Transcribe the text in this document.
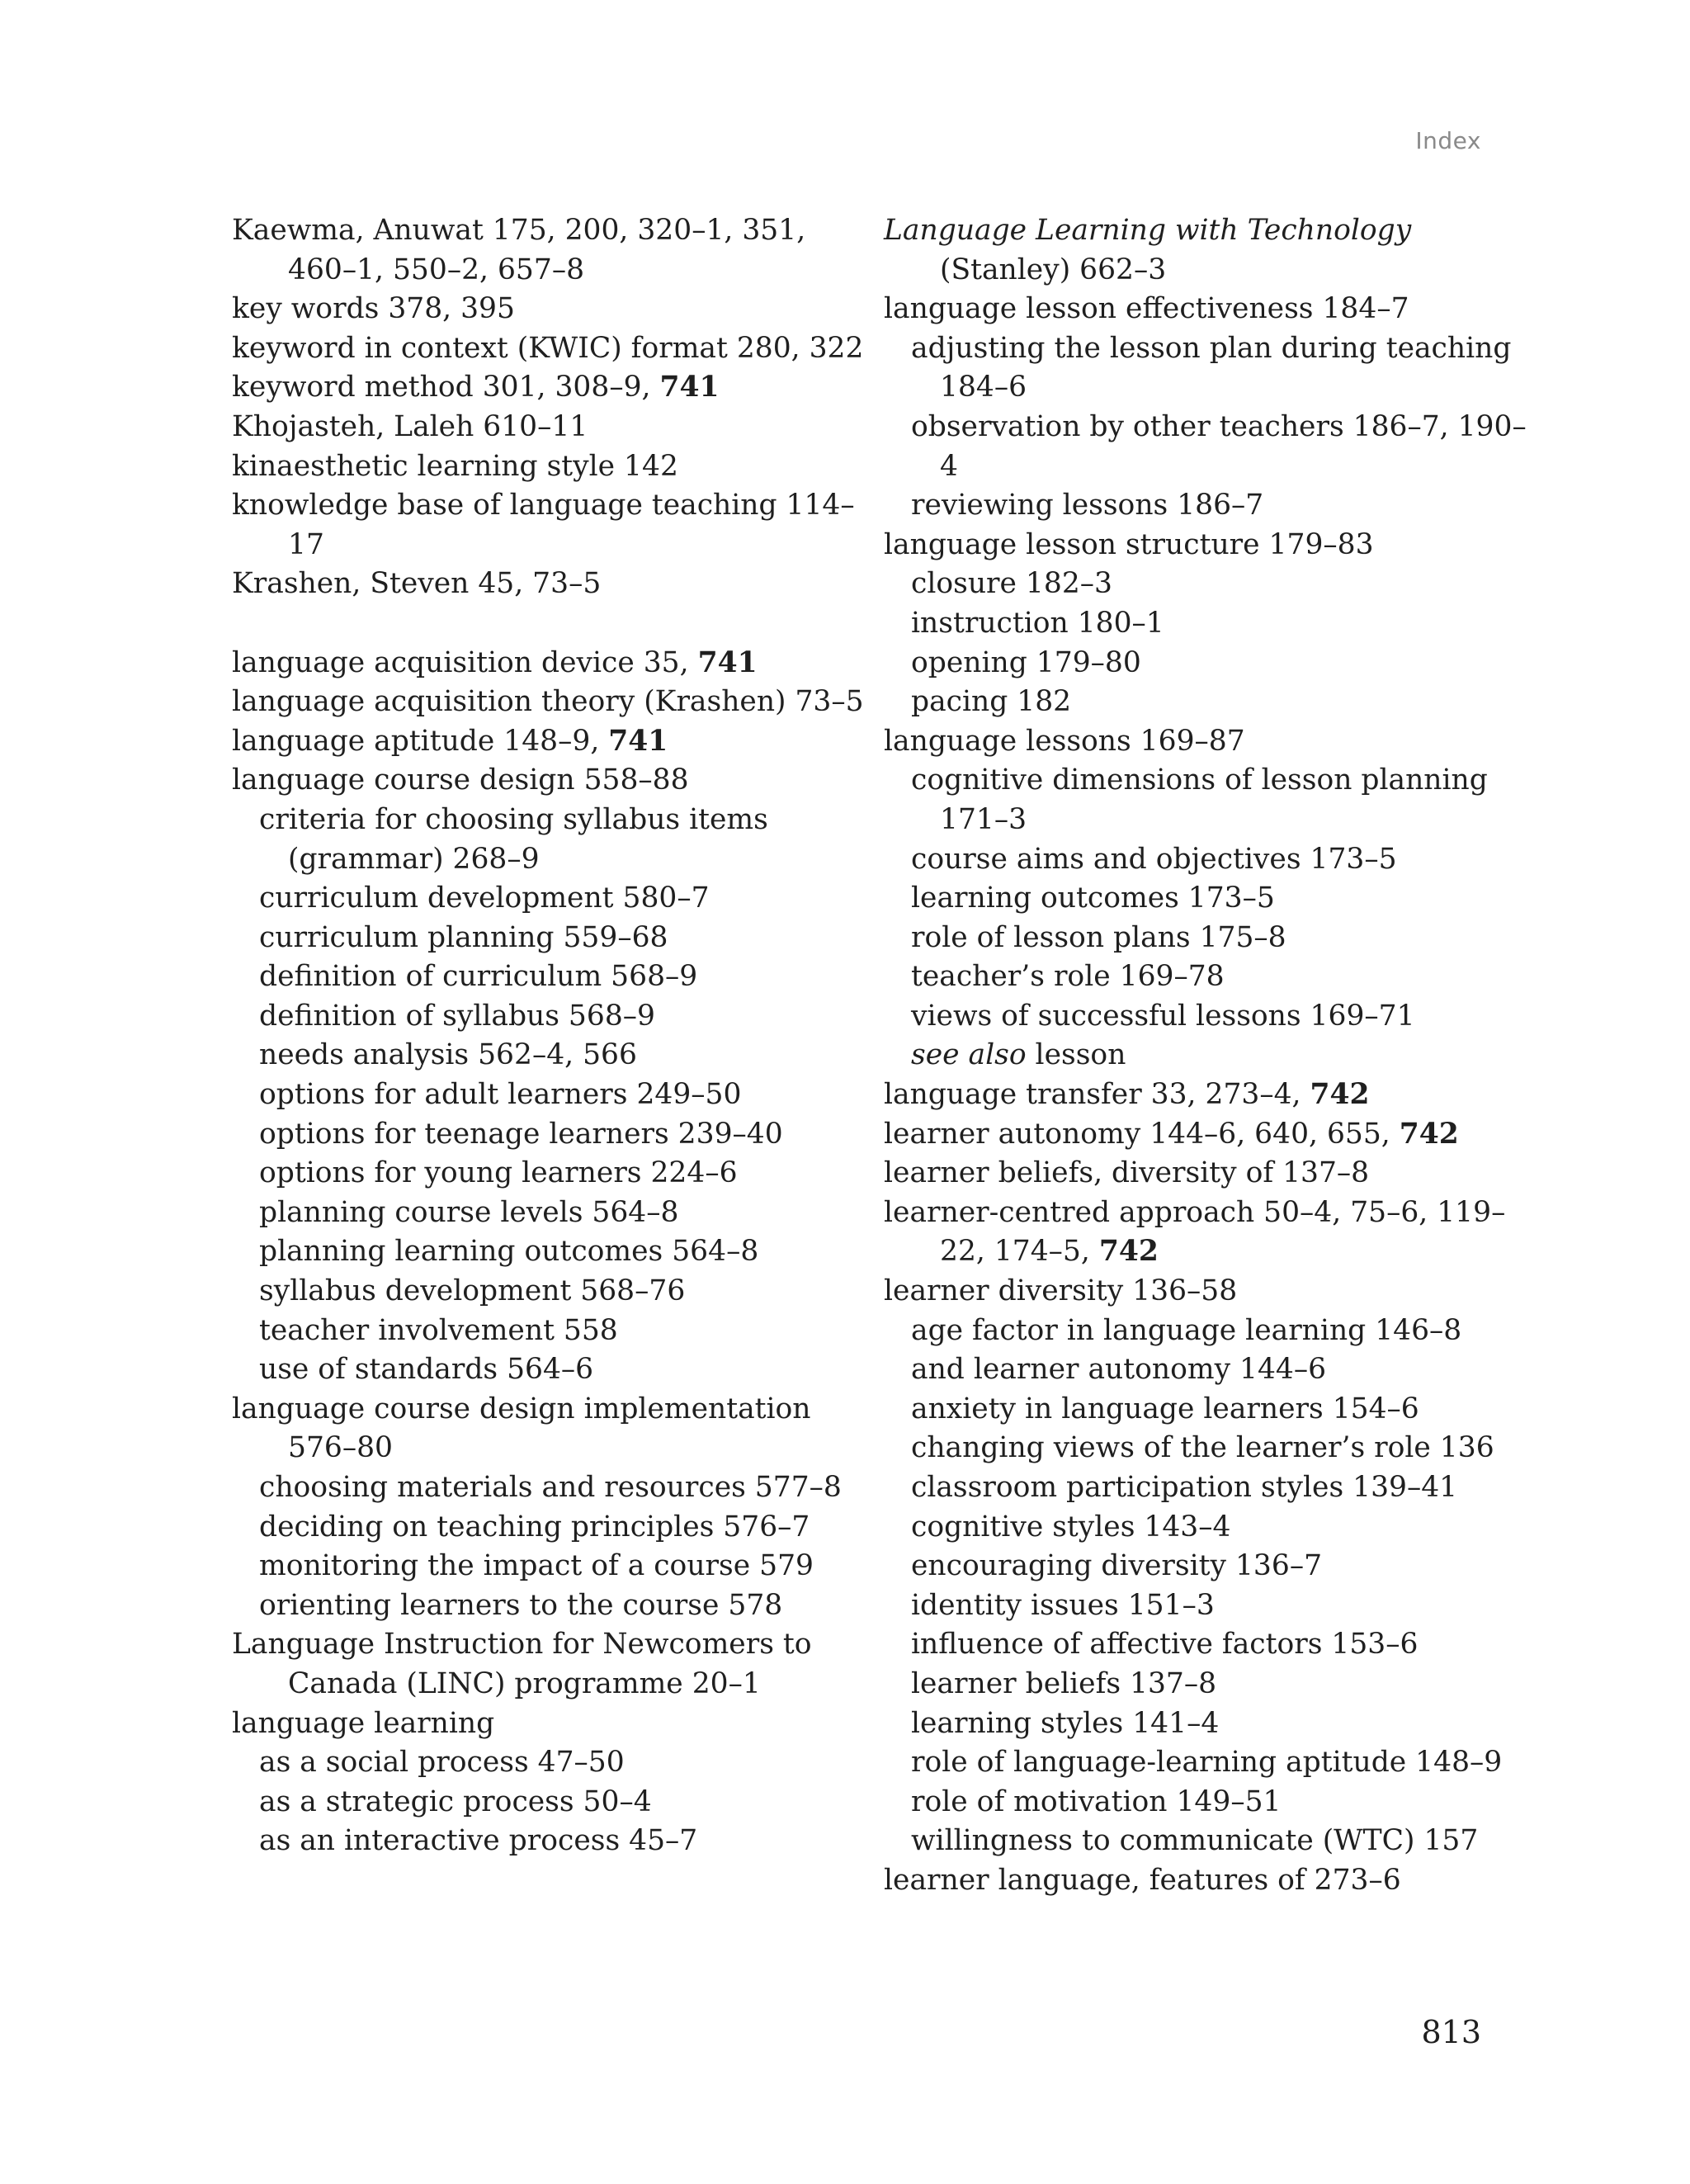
Index
Kaewma, Anuwat 175, 200, 320–1, 351, 460–1, 550–2, 657–8
key words 378, 395
keyword in context (KWIC) format 280, 322
keyword method 301, 308–9, 741
Khojasteh, Laleh 610–11
kinaesthetic learning style 142
knowledge base of language teaching 114–17
Krashen, Steven 45, 73–5
language acquisition device 35, 741
language acquisition theory (Krashen) 73–5
language aptitude 148–9, 741
language course design 558–88
criteria for choosing syllabus items (grammar) 268–9
curriculum development 580–7
curriculum planning 559–68
definition of curriculum 568–9
definition of syllabus 568–9
needs analysis 562–4, 566
options for adult learners 249–50
options for teenage learners 239–40
options for young learners 224–6
planning course levels 564–8
planning learning outcomes 564–8
syllabus development 568–76
teacher involvement 558
use of standards 564–6
language course design implementation 576–80
choosing materials and resources 577–8
deciding on teaching principles 576–7
monitoring the impact of a course 579
orienting learners to the course 578
Language Instruction for Newcomers to Canada (LINC) programme 20–1
language learning
as a social process 47–50
as a strategic process 50–4
as an interactive process 45–7
Language Learning with Technology (Stanley) 662–3
language lesson effectiveness 184–7
adjusting the lesson plan during teaching 184–6
observation by other teachers 186–7, 190–4
reviewing lessons 186–7
language lesson structure 179–83
closure 182–3
instruction 180–1
opening 179–80
pacing 182
language lessons 169–87
cognitive dimensions of lesson planning 171–3
course aims and objectives 173–5
learning outcomes 173–5
role of lesson plans 175–8
teacher’s role 169–78
views of successful lessons 169–71
see also lesson
language transfer 33, 273–4, 742
learner autonomy 144–6, 640, 655, 742
learner beliefs, diversity of 137–8
learner-centred approach 50–4, 75–6, 119–22, 174–5, 742
learner diversity 136–58
age factor in language learning 146–8
and learner autonomy 144–6
anxiety in language learners 154–6
changing views of the learner’s role 136
classroom participation styles 139–41
cognitive styles 143–4
encouraging diversity 136–7
identity issues 151–3
influence of affective factors 153–6
learner beliefs 137–8
learning styles 141–4
role of language-learning aptitude 148–9
role of motivation 149–51
willingness to communicate (WTC) 157
learner language, features of 273–6
813
